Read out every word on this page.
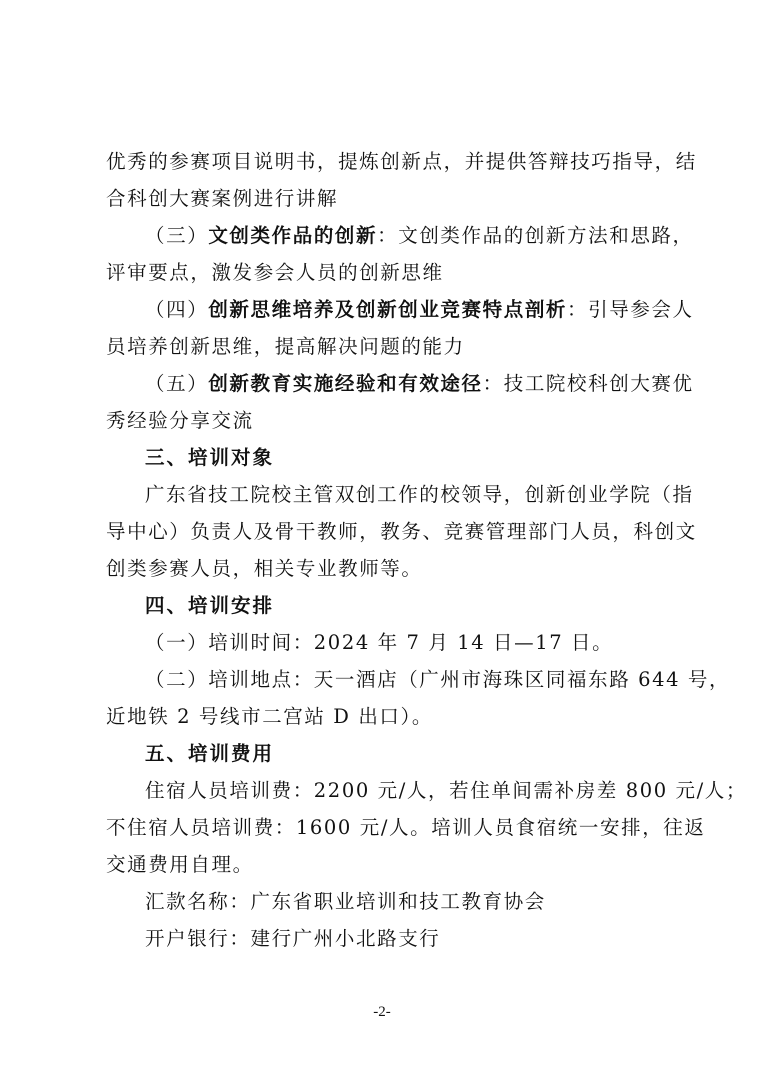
优秀的参赛项目说明书，提炼创新点，并提供答辩技巧指导，结
合科创大赛案例进行讲解
（三）文创类作品的创新：文创类作品的创新方法和思路，
评审要点，激发参会人员的创新思维
（四）创新思维培养及创新创业竞赛特点剖析：引导参会人
员培养创新思维，提高解决问题的能力
（五）创新教育实施经验和有效途径：技工院校科创大赛优
秀经验分享交流
三、培训对象
广东省技工院校主管双创工作的校领导，创新创业学院（指
导中心）负责人及骨干教师，教务、竞赛管理部门人员，科创文
创类参赛人员，相关专业教师等。
四、培训安排
（一）培训时间：2024 年 7 月 14 日—17 日。
（二）培训地点：天一酒店（广州市海珠区同福东路 644 号，
近地铁 2 号线市二宫站 D 出口）。
五、培训费用
住宿人员培训费：2200 元/人，若住单间需补房差 800 元/人；
不住宿人员培训费：1600 元/人。培训人员食宿统一安排，往返
交通费用自理。
汇款名称：广东省职业培训和技工教育协会
开户银行：建行广州小北路支行
-2-
